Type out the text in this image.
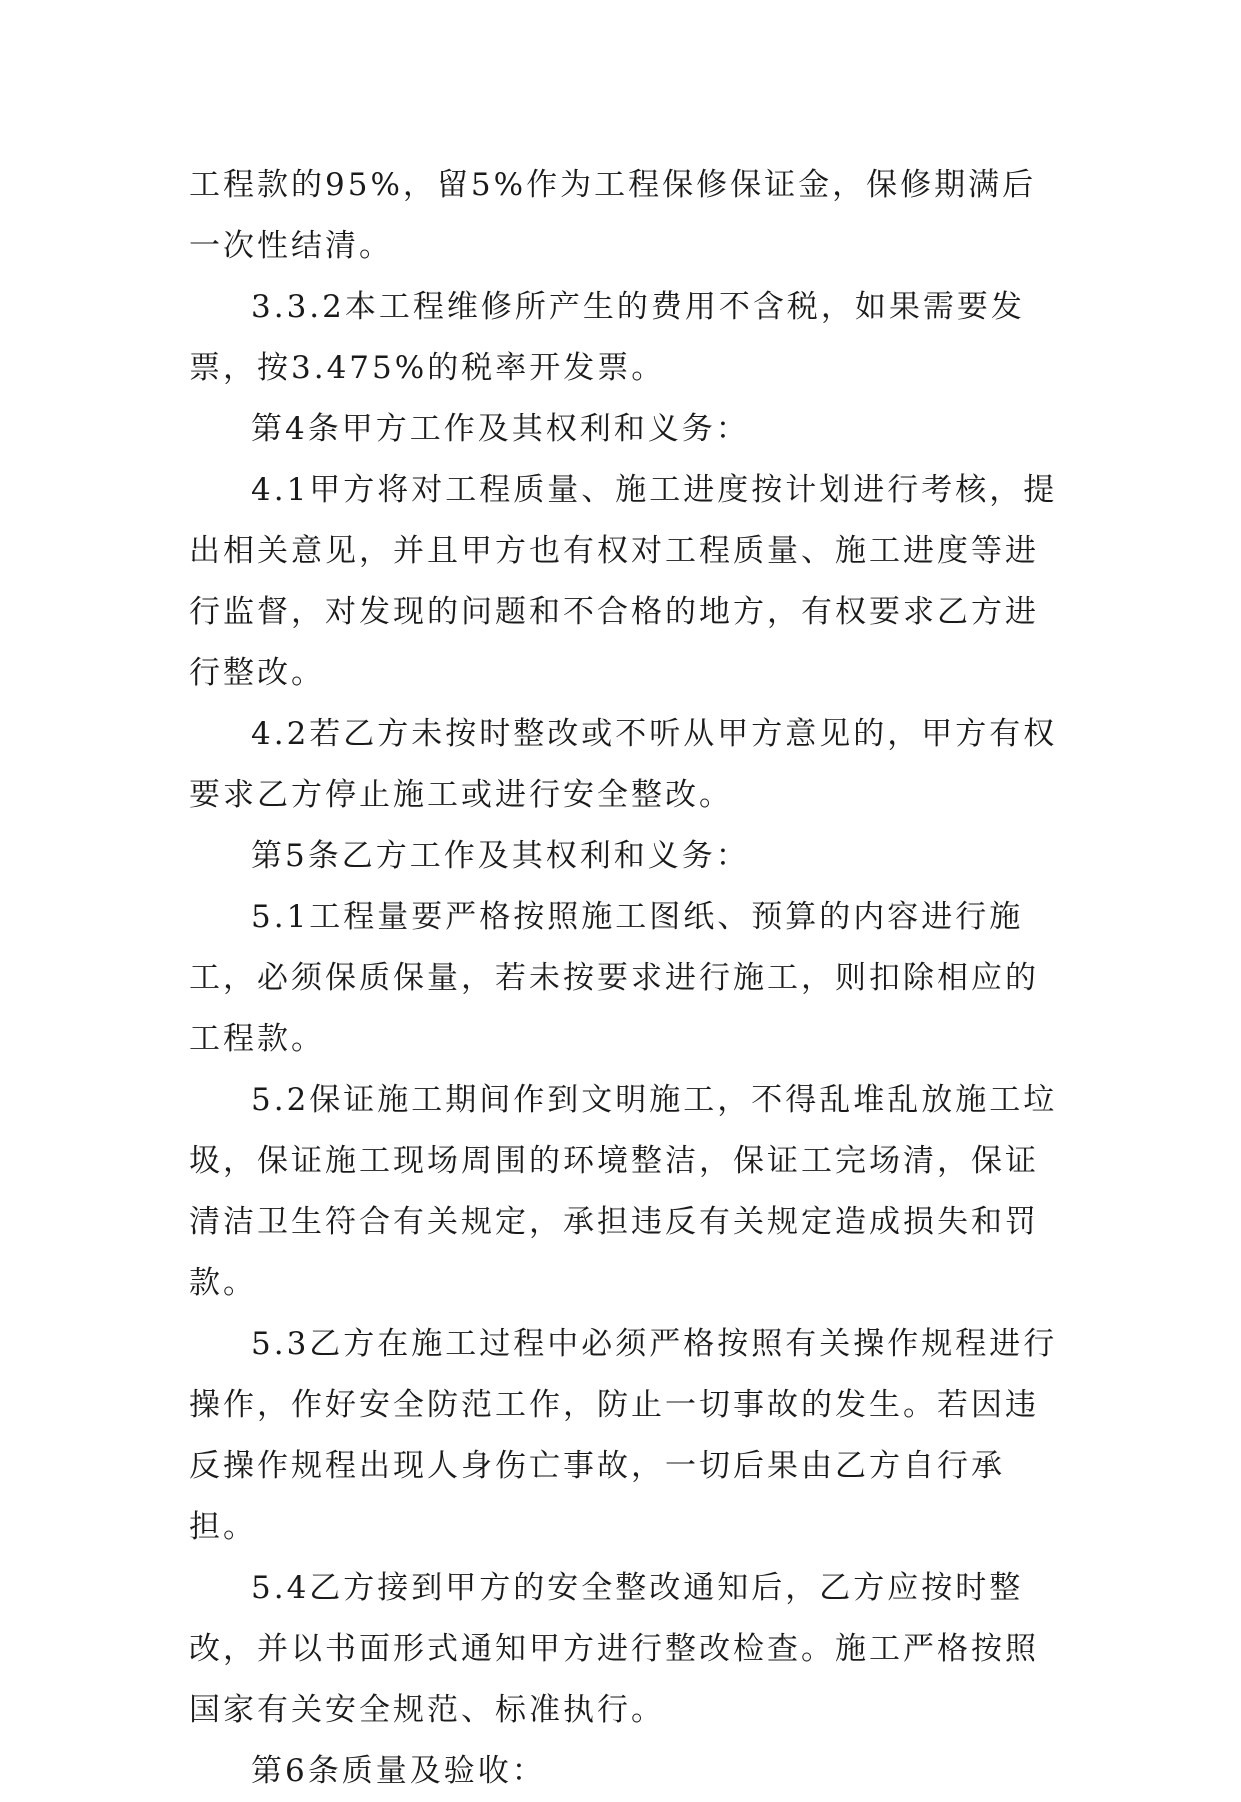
工程款的95%，留5%作为工程保修保证金，保修期满后一次性结清。

3.3.2本工程维修所产生的费用不含税，如果需要发票，按3.475%的税率开发票。

第4条甲方工作及其权利和义务：

4.1甲方将对工程质量、施工进度按计划进行考核，提出相关意见，并且甲方也有权对工程质量、施工进度等进行监督，对发现的问题和不合格的地方，有权要求乙方进行整改。

4.2若乙方未按时整改或不听从甲方意见的，甲方有权要求乙方停止施工或进行安全整改。

第5条乙方工作及其权利和义务：

5.1工程量要严格按照施工图纸、预算的内容进行施工，必须保质保量，若未按要求进行施工，则扣除相应的工程款。

5.2保证施工期间作到文明施工，不得乱堆乱放施工垃圾，保证施工现场周围的环境整洁，保证工完场清，保证清洁卫生符合有关规定，承担违反有关规定造成损失和罚款。

5.3乙方在施工过程中必须严格按照有关操作规程进行操作，作好安全防范工作，防止一切事故的发生。若因违反操作规程出现人身伤亡事故，一切后果由乙方自行承担。

5.4乙方接到甲方的安全整改通知后，乙方应按时整改，并以书面形式通知甲方进行整改检查。施工严格按照国家有关安全规范、标准执行。

第6条质量及验收：
